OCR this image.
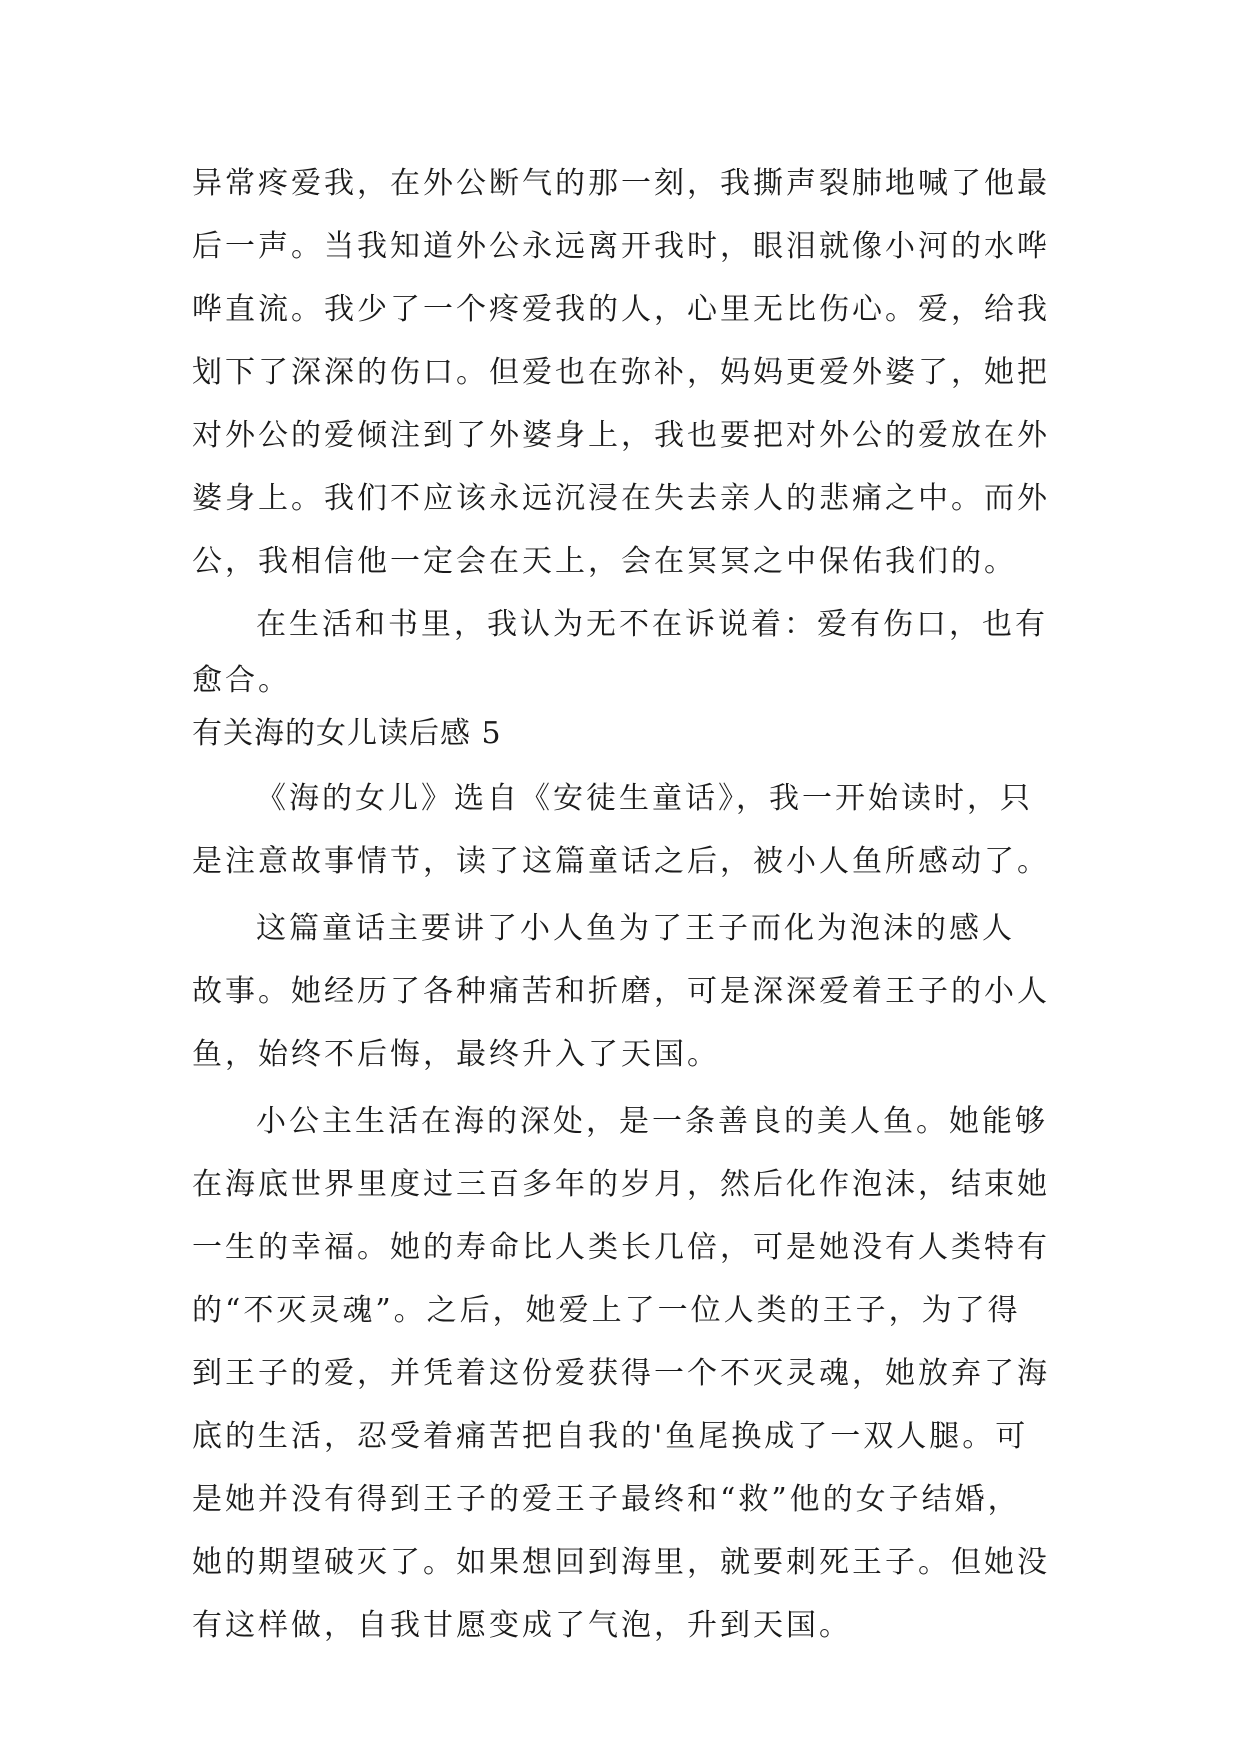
异常疼爱我，在外公断气的那一刻，我撕声裂肺地喊了他最
后一声。当我知道外公永远离开我时，眼泪就像小河的水哗
哗直流。我少了一个疼爱我的人，心里无比伤心。爱，给我
划下了深深的伤口。但爱也在弥补，妈妈更爱外婆了，她把
对外公的爱倾注到了外婆身上，我也要把对外公的爱放在外
婆身上。我们不应该永远沉浸在失去亲人的悲痛之中。而外
公，我相信他一定会在天上，会在冥冥之中保佑我们的。
在生活和书里，我认为无不在诉说着：爱有伤口，也有
愈合。
有关海的女儿读后感 5
《海的女儿》选自《安徒生童话》，我一开始读时，只
是注意故事情节，读了这篇童话之后，被小人鱼所感动了。
这篇童话主要讲了小人鱼为了王子而化为泡沫的感人
故事。她经历了各种痛苦和折磨，可是深深爱着王子的小人
鱼，始终不后悔，最终升入了天国。
小公主生活在海的深处，是一条善良的美人鱼。她能够
在海底世界里度过三百多年的岁月，然后化作泡沫，结束她
一生的幸福。她的寿命比人类长几倍，可是她没有人类特有
的“不灭灵魂”。之后，她爱上了一位人类的王子，为了得
到王子的爱，并凭着这份爱获得一个不灭灵魂，她放弃了海
底的生活，忍受着痛苦把自我的'鱼尾换成了一双人腿。可
是她并没有得到王子的爱王子最终和“救”他的女子结婚，
她的期望破灭了。如果想回到海里，就要刺死王子。但她没
有这样做，自我甘愿变成了气泡，升到天国。
